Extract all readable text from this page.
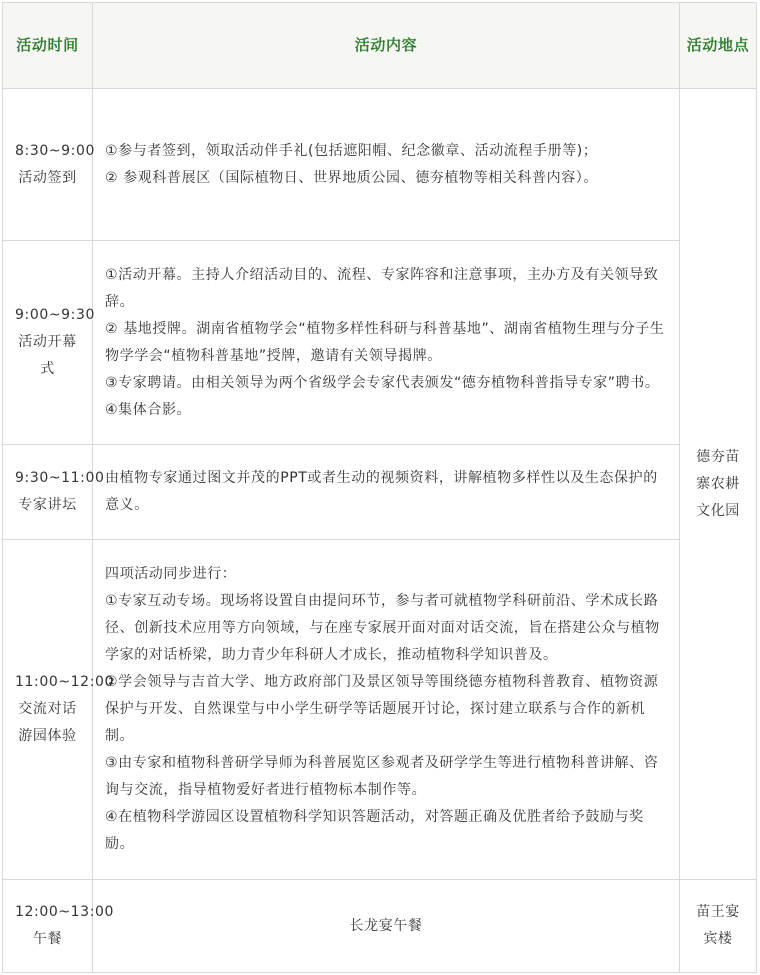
活动时间	活动内容	活动地点
8:30~9:00活动签到	①参与者签到，领取活动伴手礼(包括遮阳帽、纪念徽章、活动流程手册等)；

② 参观科普展区（国际植物日、世界地质公园、德夯植物等相关科普内容）。	德夯苗寨农耕文化园
9:00~9:30活动开幕式	①活动开幕。主持人介绍活动目的、流程、专家阵容和注意事项，主办方及有关领导致辞。

② 基地授牌。湖南省植物学会“植物多样性科研与科普基地”、湖南省植物生理与分子生物学学会“植物科普基地”授牌，邀请有关领导揭牌。

③专家聘请。由相关领导为两个省级学会专家代表颁发“德夯植物科普指导专家”聘书。

④集体合影。	

9:30~11:00专家讲坛	由植物专家通过图文并茂的PPT或者生动的视频资料，讲解植物多样性以及生态保护的意义。	

11:00~12:00交流对话游园体验	四项活动同步进行：

①专家互动专场。现场将设置自由提问环节，参与者可就植物学科研前沿、学术成长路径、创新技术应用等方向领域，与在座专家展开面对面对话交流，旨在搭建公众与植物学家的对话桥梁，助力青少年科研人才成长，推动植物科学知识普及。

②学会领导与吉首大学、地方政府部门及景区领导等围绕德夯植物科普教育、植物资源保护与开发、自然课堂与中小学生研学等话题展开讨论，探讨建立联系与合作的新机制。

③由专家和植物科普研学导师为科普展览区参观者及研学学生等进行植物科普讲解、咨询与交流，指导植物爱好者进行植物标本制作等。

④在植物科学游园区设置植物科学知识答题活动，对答题正确及优胜者给予鼓励与奖励。	

12:00~13:00午餐	长龙宴午餐	苗王宴宾楼
